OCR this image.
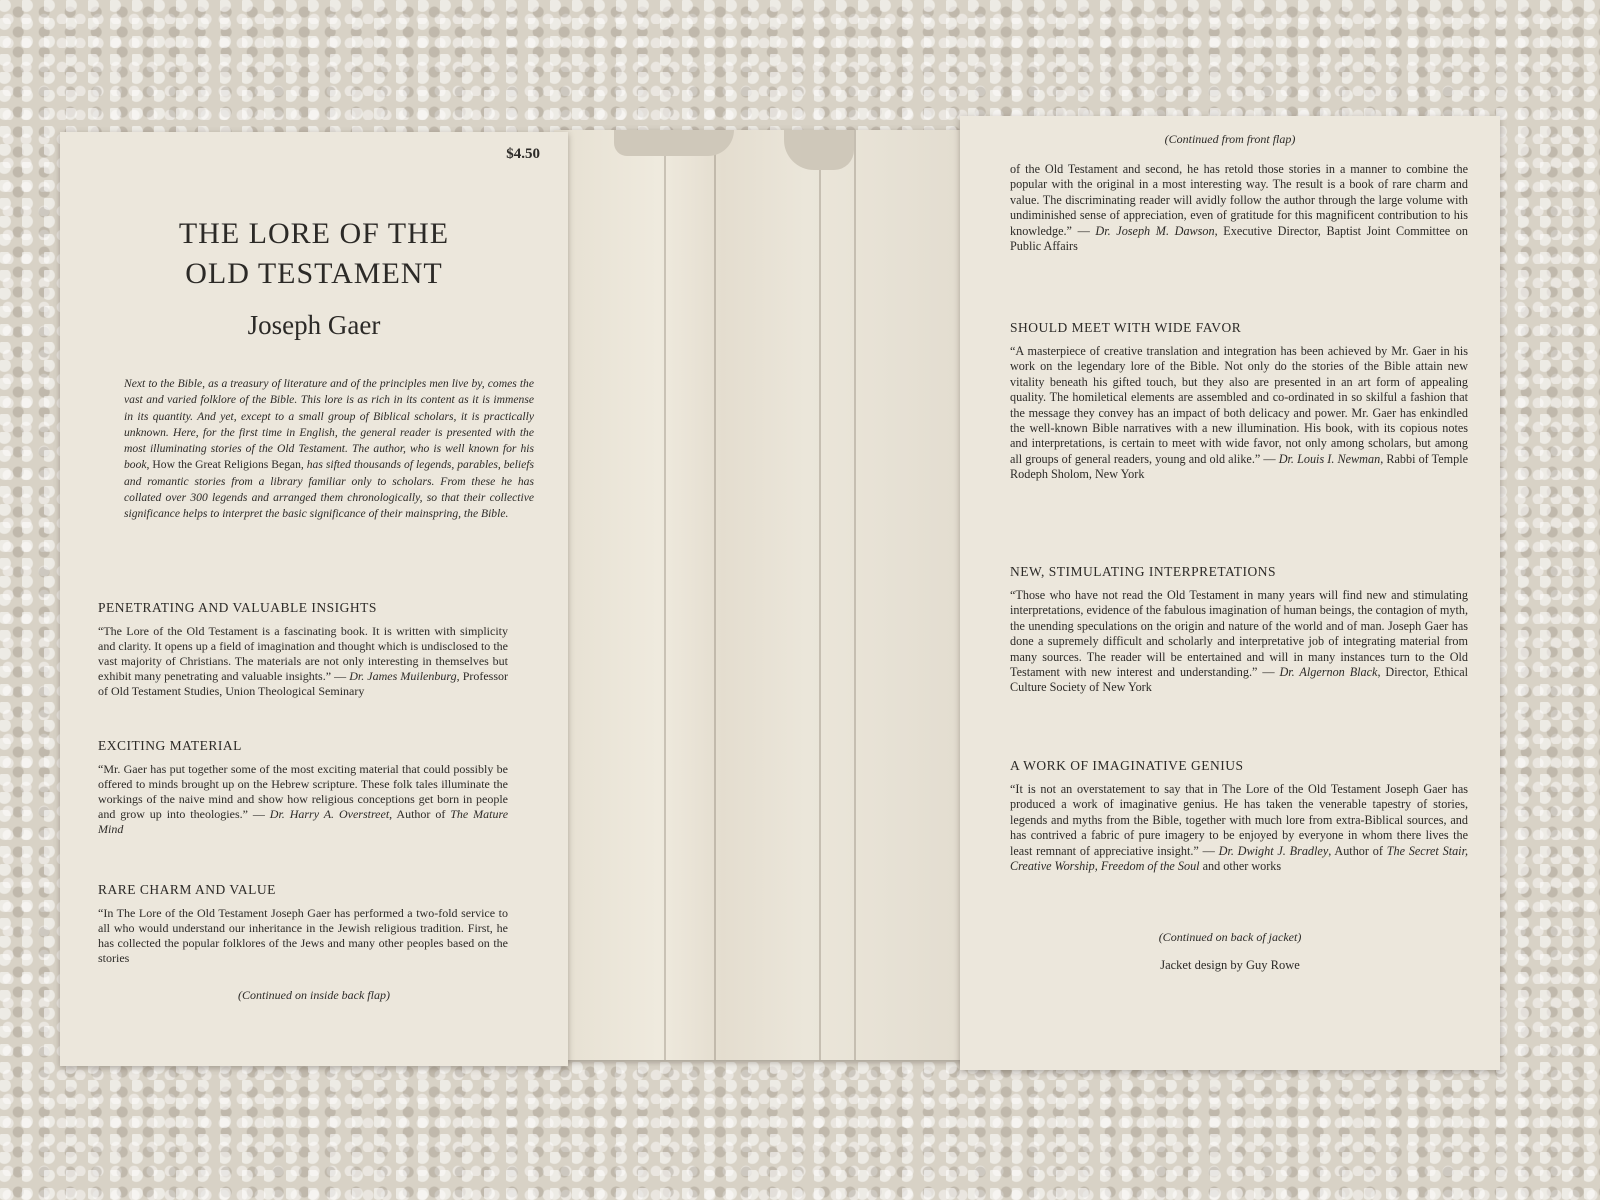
$4.50
THE LORE OF THE
OLD TESTAMENT
Joseph Gaer
Next to the Bible, as a treasury of literature and of the principles men live by, comes the vast and varied folklore of the Bible. This lore is as rich in its content as it is immense in its quantity. And yet, except to a small group of Biblical scholars, it is practically unknown. Here, for the first time in English, the general reader is presented with the most illuminating stories of the Old Testament. The author, who is well known for his book, How the Great Religions Began, has sifted thousands of legends, parables, beliefs and romantic stories from a library familiar only to scholars. From these he has collated over 300 legends and arranged them chronologically, so that their collective significance helps to interpret the basic significance of their mainspring, the Bible.
PENETRATING AND VALUABLE INSIGHTS
“The Lore of the Old Testament is a fascinating book. It is written with simplicity and clarity. It opens up a field of imagination and thought which is undisclosed to the vast majority of Christians. The materials are not only interesting in themselves but exhibit many penetrating and valuable insights.” — Dr. James Muilenburg, Professor of Old Testament Studies, Union Theological Seminary
EXCITING MATERIAL
“Mr. Gaer has put together some of the most exciting material that could possibly be offered to minds brought up on the Hebrew scripture. These folk tales illuminate the workings of the naive mind and show how religious conceptions get born in people and grow up into theologies.” — Dr. Harry A. Overstreet, Author of The Mature Mind
RARE CHARM AND VALUE
“In The Lore of the Old Testament Joseph Gaer has performed a two-fold service to all who would understand our inheritance in the Jewish religious tradition. First, he has collected the popular folklores of the Jews and many other peoples based on the stories
(Continued on inside back flap)
(Continued from front flap)
of the Old Testament and second, he has retold those stories in a manner to combine the popular with the original in a most interesting way. The result is a book of rare charm and value. The discriminating reader will avidly follow the author through the large volume with undiminished sense of appreciation, even of gratitude for this magnificent contribution to his knowledge.” — Dr. Joseph M. Dawson, Executive Director, Baptist Joint Committee on Public Affairs
SHOULD MEET WITH WIDE FAVOR
“A masterpiece of creative translation and integration has been achieved by Mr. Gaer in his work on the legendary lore of the Bible. Not only do the stories of the Bible attain new vitality beneath his gifted touch, but they also are presented in an art form of appealing quality. The homiletical elements are assembled and co-ordinated in so skilful a fashion that the message they convey has an impact of both delicacy and power. Mr. Gaer has enkindled the well-known Bible narratives with a new illumination. His book, with its copious notes and interpretations, is certain to meet with wide favor, not only among scholars, but among all groups of general readers, young and old alike.” — Dr. Louis I. Newman, Rabbi of Temple Rodeph Sholom, New York
NEW, STIMULATING INTERPRETATIONS
“Those who have not read the Old Testament in many years will find new and stimulating interpretations, evidence of the fabulous imagination of human beings, the contagion of myth, the unending speculations on the origin and nature of the world and of man. Joseph Gaer has done a supremely difficult and scholarly and interpretative job of integrating material from many sources. The reader will be entertained and will in many instances turn to the Old Testament with new interest and understanding.” — Dr. Algernon Black, Director, Ethical Culture Society of New York
A WORK OF IMAGINATIVE GENIUS
“It is not an overstatement to say that in The Lore of the Old Testament Joseph Gaer has produced a work of imaginative genius. He has taken the venerable tapestry of stories, legends and myths from the Bible, together with much lore from extra-Biblical sources, and has contrived a fabric of pure imagery to be enjoyed by everyone in whom there lives the least remnant of appreciative insight.” — Dr. Dwight J. Bradley, Author of The Secret Stair, Creative Worship, Freedom of the Soul and other works
(Continued on back of jacket)
Jacket design by Guy Rowe
